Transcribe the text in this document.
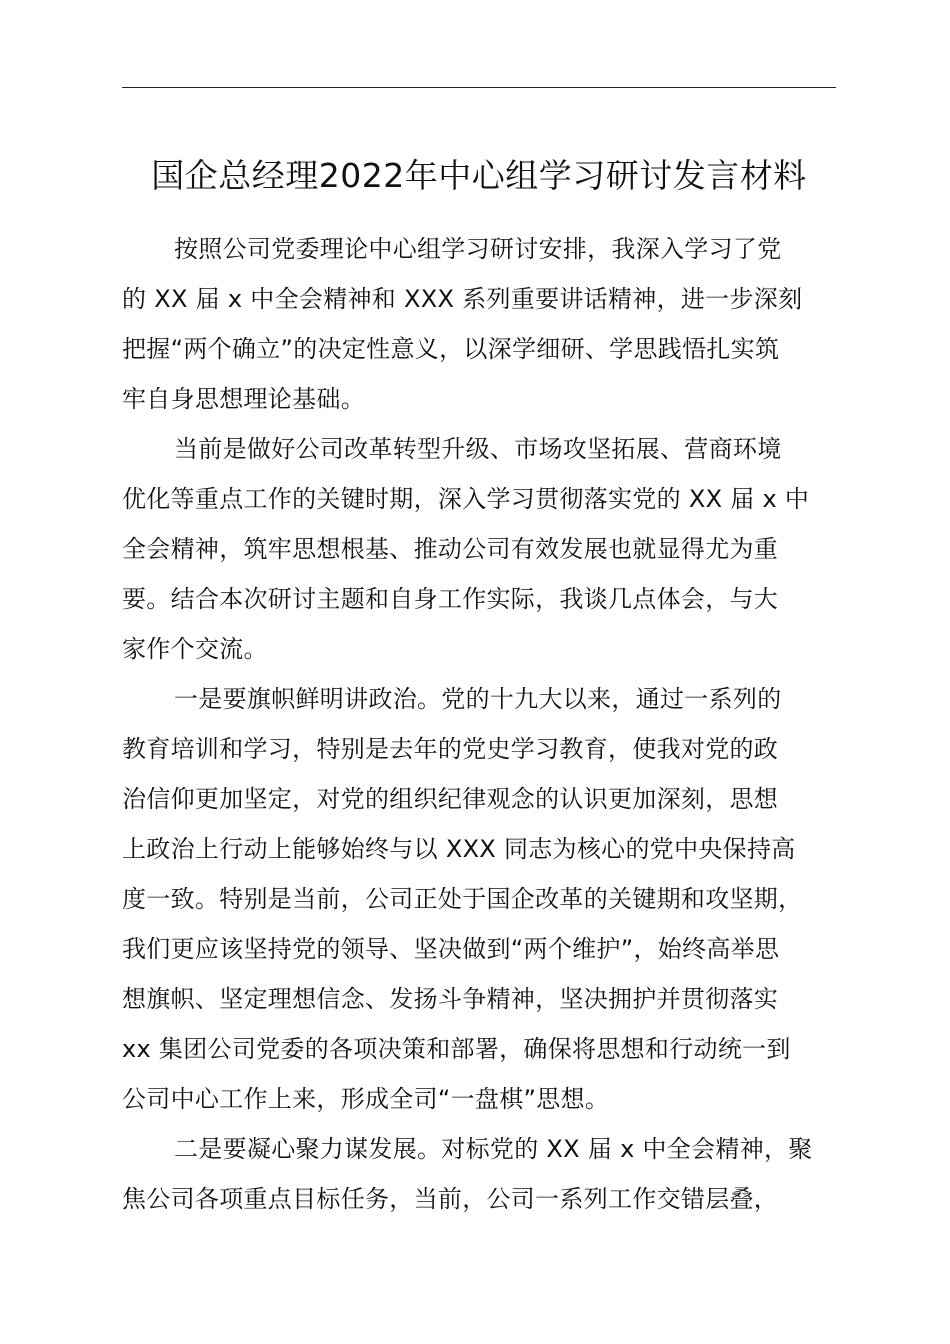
国企总经理2022年中心组学习研讨发言材料

按照公司党委理论中心组学习研讨安排，我深入学习了党
的 XX 届 x 中全会精神和 XXX 系列重要讲话精神，进一步深刻
把握“两个确立”的决定性意义，以深学细研、学思践悟扎实筑
牢自身思想理论基础。

当前是做好公司改革转型升级、市场攻坚拓展、营商环境
优化等重点工作的关键时期，深入学习贯彻落实党的 XX 届 x 中
全会精神，筑牢思想根基、推动公司有效发展也就显得尤为重
要。结合本次研讨主题和自身工作实际，我谈几点体会，与大
家作个交流。

一是要旗帜鲜明讲政治。党的十九大以来，通过一系列的
教育培训和学习，特别是去年的党史学习教育，使我对党的政
治信仰更加坚定，对党的组织纪律观念的认识更加深刻，思想
上政治上行动上能够始终与以 XXX 同志为核心的党中央保持高
度一致。特别是当前，公司正处于国企改革的关键期和攻坚期，
我们更应该坚持党的领导、坚决做到“两个维护”，始终高举思
想旗帜、坚定理想信念、发扬斗争精神，坚决拥护并贯彻落实
xx 集团公司党委的各项决策和部署，确保将思想和行动统一到
公司中心工作上来，形成全司“一盘棋”思想。

二是要凝心聚力谋发展。对标党的 XX 届 x 中全会精神，聚
焦公司各项重点目标任务，当前，公司一系列工作交错层叠，
